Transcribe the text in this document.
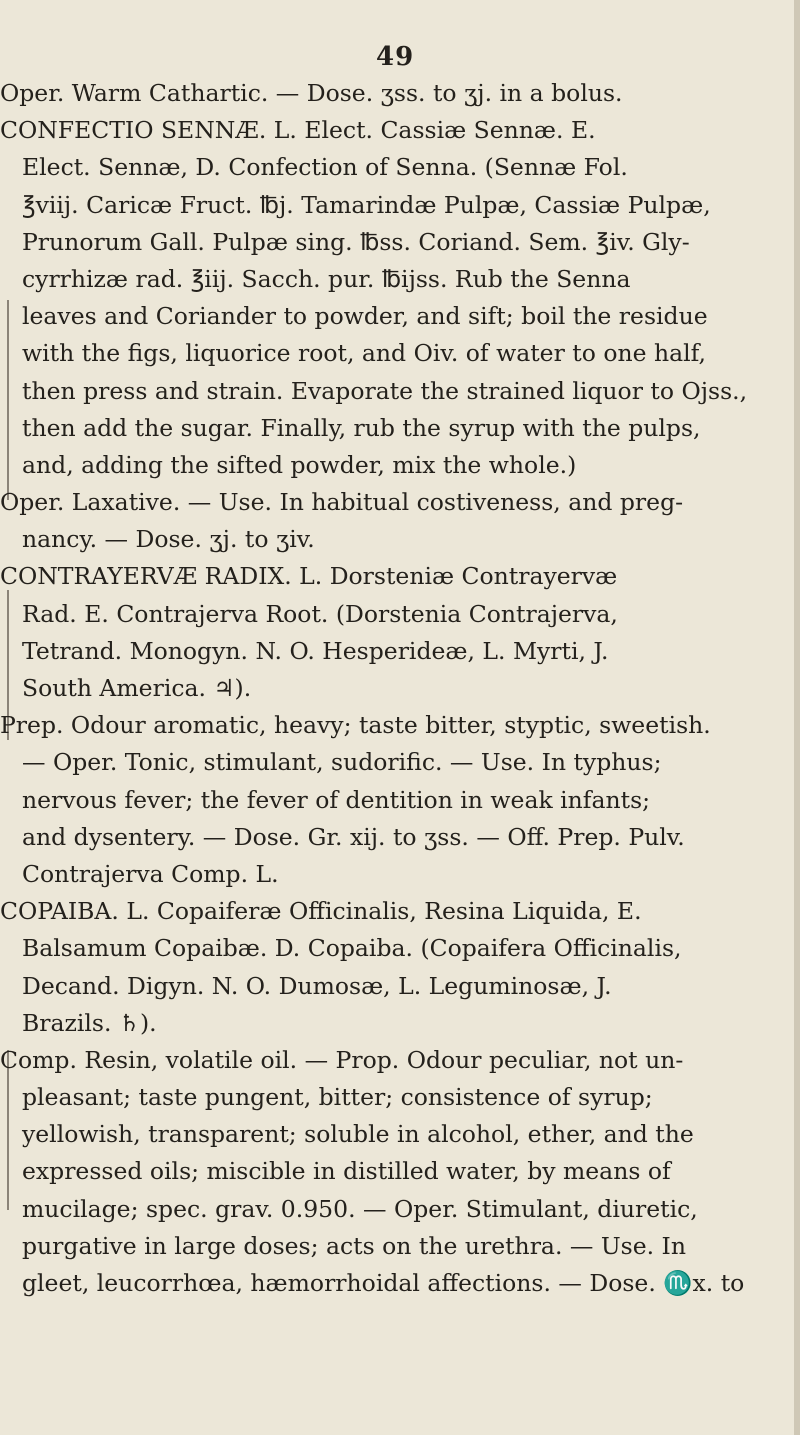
49
Oper. Warm Cathartic. — Dose. ʒss. to ʒj. in a bolus.
CONFECTIO SENNÆ. L. Elect. Cassiæ Sennæ. E.
Elect. Sennæ, D. Confection of Senna. (Sennæ Fol.
℥viij. Caricæ Fruct. ℔j. Tamarindæ Pulpæ, Cassiæ Pulpæ,
Prunorum Gall. Pulpæ sing. ℔ss. Coriand. Sem. ℥iv. Gly-
cyrrhizæ rad. ℥iij. Sacch. pur. ℔ijss. Rub the Senna
leaves and Coriander to powder, and sift; boil the residue
with the figs, liquorice root, and Oiv. of water to one half,
then press and strain. Evaporate the strained liquor to Ojss.,
then add the sugar. Finally, rub the syrup with the pulps,
and, adding the sifted powder, mix the whole.)
Oper. Laxative. — Use. In habitual costiveness, and preg-
nancy. — Dose. ʒj. to ʒiv.
CONTRAYERVÆ RADIX. L. Dorsteniæ Contrayervæ
Rad. E. Contrajerva Root. (Dorstenia Contrajerva,
Tetrand. Monogyn. N. O. Hesperideæ, L. Myrti, J.
South America. ♃).
Prep. Odour aromatic, heavy; taste bitter, styptic, sweetish.
— Oper. Tonic, stimulant, sudorific. — Use. In typhus;
nervous fever; the fever of dentition in weak infants;
and dysentery. — Dose. Gr. xij. to ʒss. — Off. Prep. Pulv.
Contrajerva Comp. L.
COPAIBA. L. Copaiferæ Officinalis, Resina Liquida, E.
Balsamum Copaibæ. D. Copaiba. (Copaifera Officinalis,
Decand. Digyn. N. O. Dumosæ, L. Leguminosæ, J.
Brazils. ♄).
Comp. Resin, volatile oil. — Prop. Odour peculiar, not un-
pleasant; taste pungent, bitter; consistence of syrup;
yellowish, transparent; soluble in alcohol, ether, and the
expressed oils; miscible in distilled water, by means of
mucilage; spec. grav. 0.950. — Oper. Stimulant, diuretic,
purgative in large doses; acts on the urethra. — Use. In
gleet, leucorrhœa, hæmorrhoidal affections. — Dose. ♏x. to
